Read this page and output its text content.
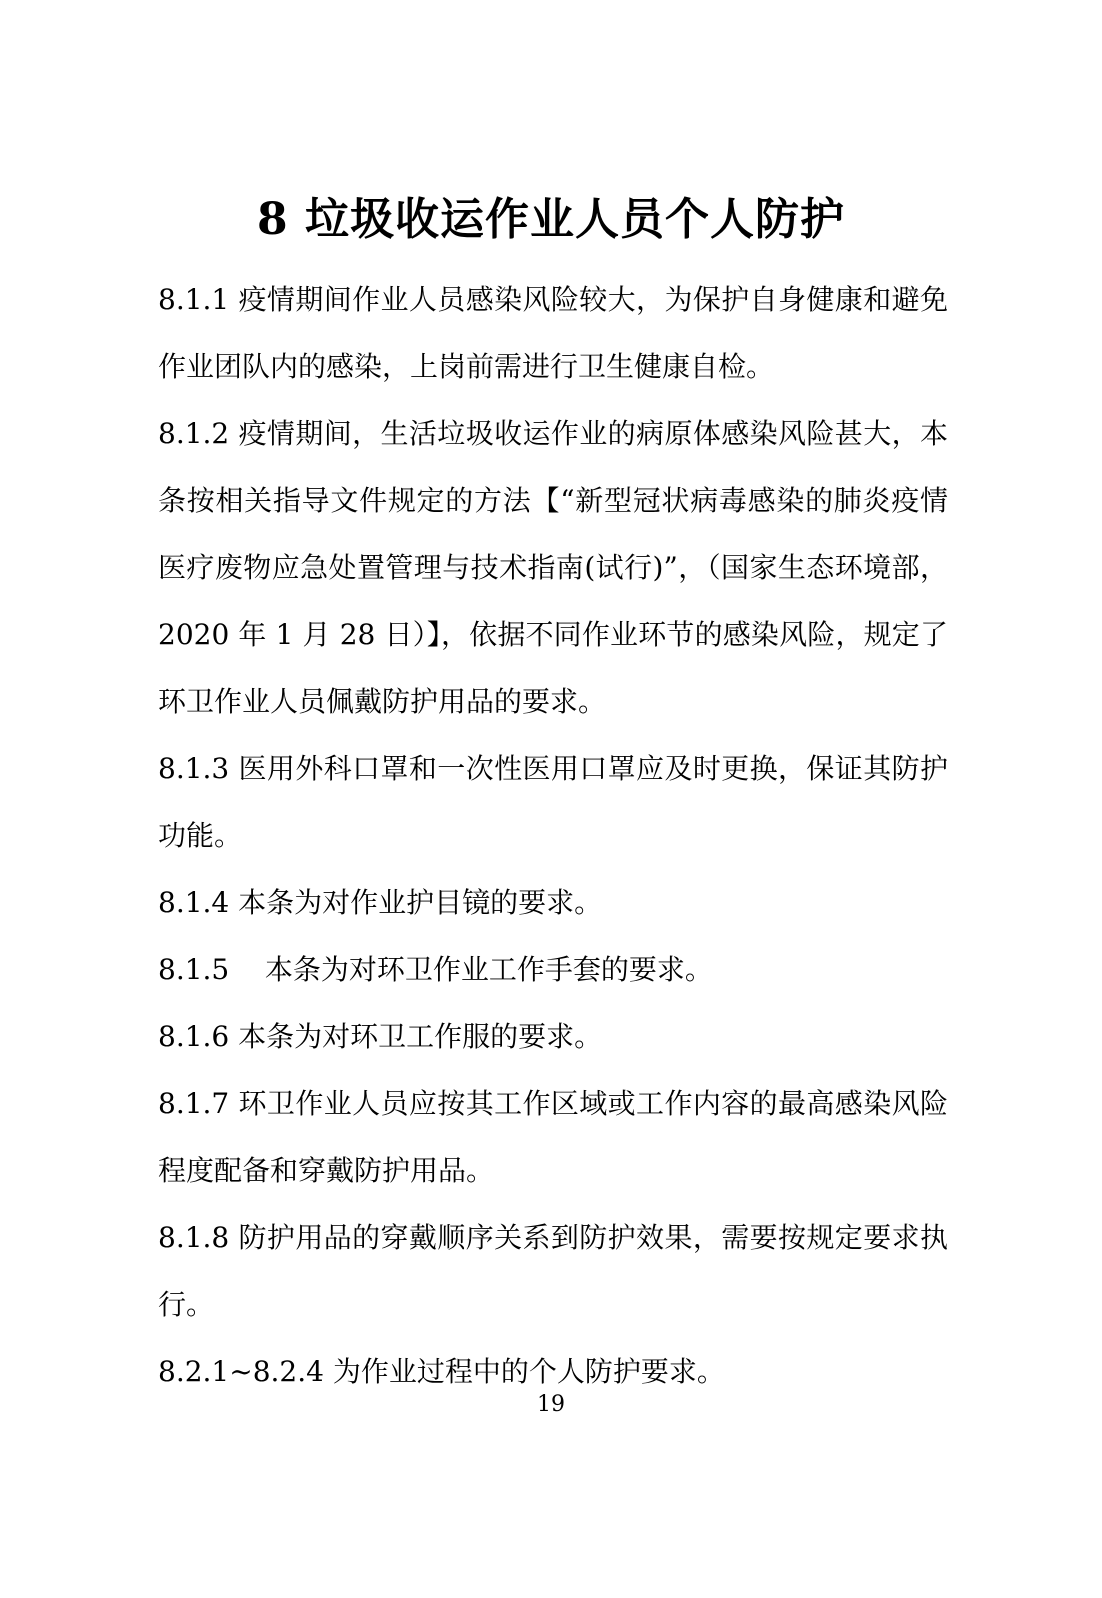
8 垃圾收运作业人员个人防护

8.1.1 疫情期间作业人员感染风险较大，为保护自身健康和避免作业团队内的感染，上岗前需进行卫生健康自检。

8.1.2 疫情期间，生活垃圾收运作业的病原体感染风险甚大，本条按相关指导文件规定的方法【“新型冠状病毒感染的肺炎疫情医疗废物应急处置管理与技术指南(试行)”，（国家生态环境部，2020 年 1 月 28 日）】，依据不同作业环节的感染风险，规定了环卫作业人员佩戴防护用品的要求。

8.1.3 医用外科口罩和一次性医用口罩应及时更换，保证其防护功能。

8.1.4 本条为对作业护目镜的要求。

8.1.5    本条为对环卫作业工作手套的要求。

8.1.6 本条为对环卫工作服的要求。

8.1.7 环卫作业人员应按其工作区域或工作内容的最高感染风险程度配备和穿戴防护用品。

8.1.8 防护用品的穿戴顺序关系到防护效果，需要按规定要求执行。

8.2.1~8.2.4 为作业过程中的个人防护要求。

19
